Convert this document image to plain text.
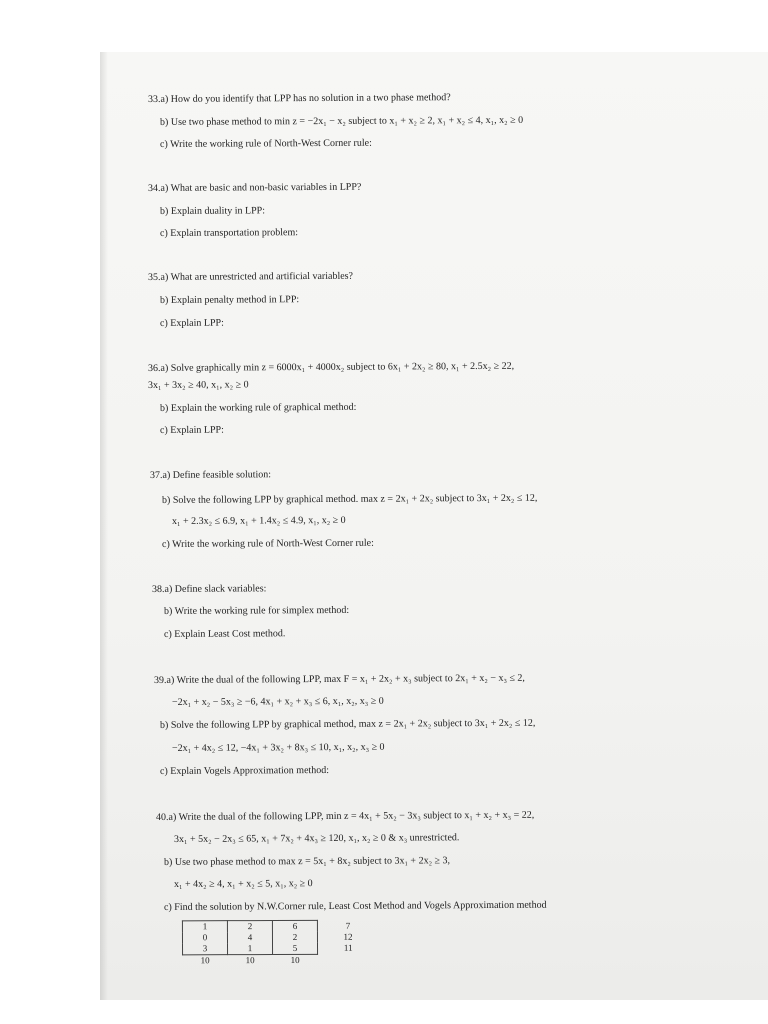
33.a) How do you identify that LPP has no solution in a two phase method?
b) Use two phase method to min z = −2x₁ − x₂ subject to x₁ + x₂ ≥ 2, x₁ + x₂ ≤ 4, x₁, x₂ ≥ 0
c) Write the working rule of North-West Corner rule:
34.a) What are basic and non-basic variables in LPP?
b) Explain duality in LPP:
c) Explain transportation problem:
35.a) What are unrestricted and artificial variables?
b) Explain penalty method in LPP:
c) Explain LPP:
36.a) Solve graphically min z = 6000x₁ + 4000x₂ subject to 6x₁ + 2x₂ ≥ 80, x₁ + 2.5x₂ ≥ 22,
3x₁ + 3x₂ ≥ 40, x₁, x₂ ≥ 0
b) Explain the working rule of graphical method:
c) Explain LPP:
37.a) Define feasible solution:
b) Solve the following LPP by graphical method. max z = 2x₁ + 2x₂ subject to 3x₁ + 2x₂ ≤ 12,
x₁ + 2.3x₂ ≤ 6.9, x₁ + 1.4x₂ ≤ 4.9, x₁, x₂ ≥ 0
c) Write the working rule of North-West Corner rule:
38.a) Define slack variables:
b) Write the working rule for simplex method:
c) Explain Least Cost method.
39.a) Write the dual of the following LPP, max F = x₁ + 2x₂ + x₃ subject to 2x₁ + x₂ − x₃ ≤ 2,
−2x₁ + x₂ − 5x₃ ≥ −6, 4x₁ + x₂ + x₃ ≤ 6, x₁, x₂, x₃ ≥ 0
b) Solve the following LPP by graphical method, max z = 2x₁ + 2x₂ subject to 3x₁ + 2x₂ ≤ 12,
−2x₁ + 4x₂ ≤ 12, −4x₁ + 3x₂ + 8x₃ ≤ 10, x₁, x₂, x₃ ≥ 0
c) Explain Vogels Approximation method:
40.a) Write the dual of the following LPP, min z = 4x₁ + 5x₂ − 3x₃ subject to x₁ + x₂ + x₃ = 22,
3x₁ + 5x₂ − 2x₃ ≤ 65, x₁ + 7x₂ + 4x₃ ≥ 120, x₁, x₂ ≥ 0 & x₃ unrestricted.
b) Use two phase method to max z = 5x₁ + 8x₂ subject to 3x₁ + 2x₂ ≥ 3,
x₁ + 4x₂ ≥ 4, x₁ + x₂ ≤ 5, x₁, x₂ ≥ 0
c) Find the solution by N.W.Corner rule, Least Cost Method and Vogels Approximation method
1	2	6	7
0	4	2	12
3	1	5	11
10	10	10	
